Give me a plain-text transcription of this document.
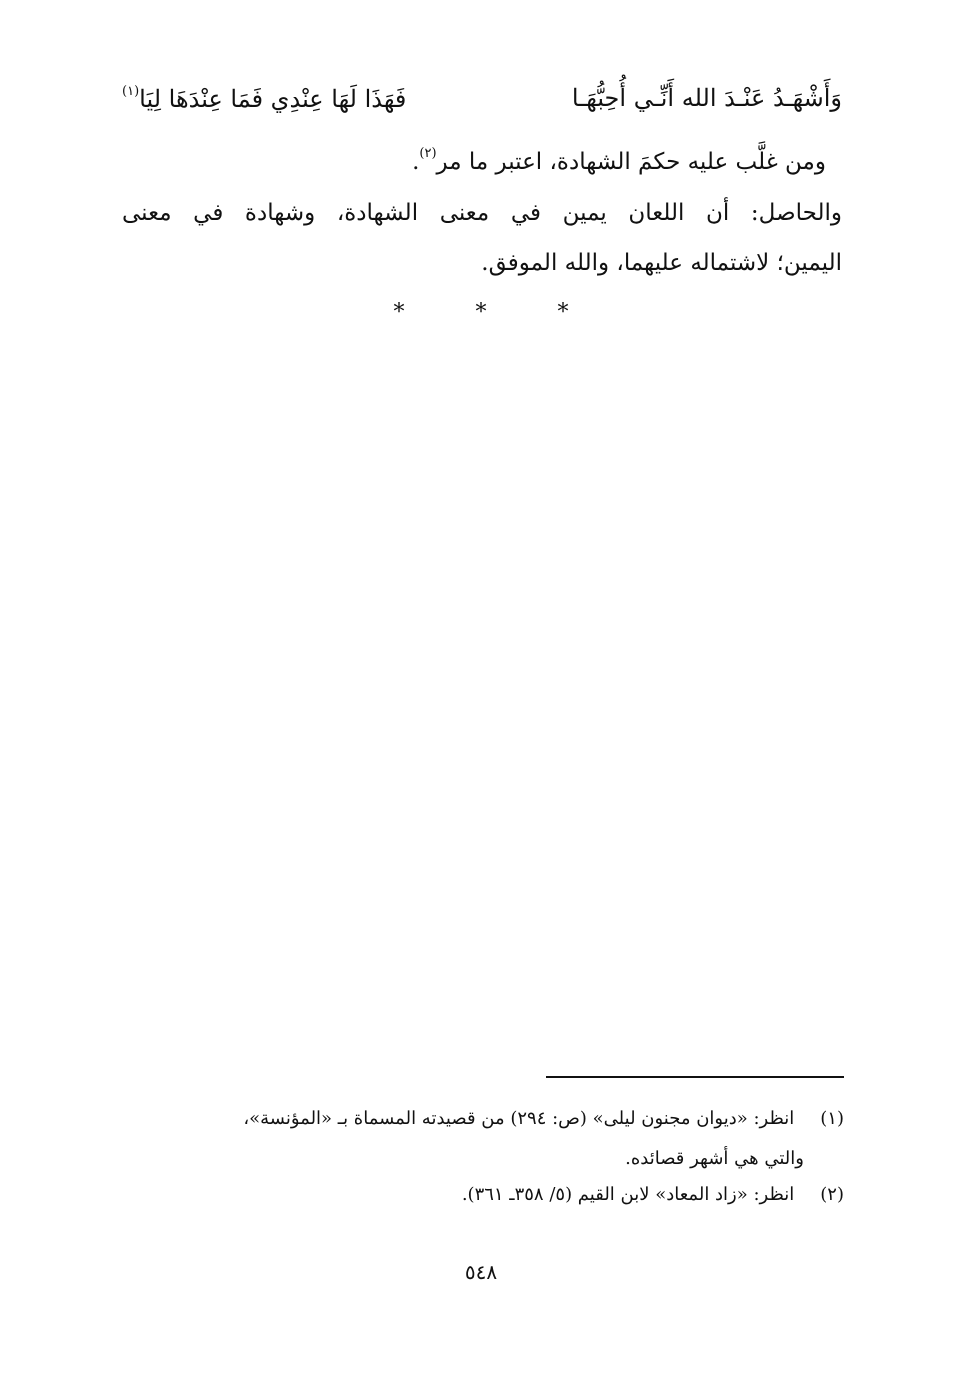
وَأَشْهَـدُ عَنْـدَ الله أَنِّـي أُحِبُّهَـا
فَهَذَا لَهَا عِنْدِي فَمَا عِنْدَهَا لِيَا$^{(١)}$
ومن غلَّب عليه حكمَ الشهادة، اعتبر ما مر$^{(٢)}$.
والحاصل: أن اللعان يمين في معنى الشهادة، وشهادة في معنى
اليمين؛ لاشتماله عليهما، والله الموفق.
* * *
(١) انظر: «ديوان مجنون ليلى» (ص: ٢٩٤) من قصيدته المسماة بـ «المؤنسة»،
والتي هي أشهر قصائده.
(٢) انظر: «زاد المعاد» لابن القيم (٥/ ٣٥٨ـ ٣٦١).
٥٤٨
